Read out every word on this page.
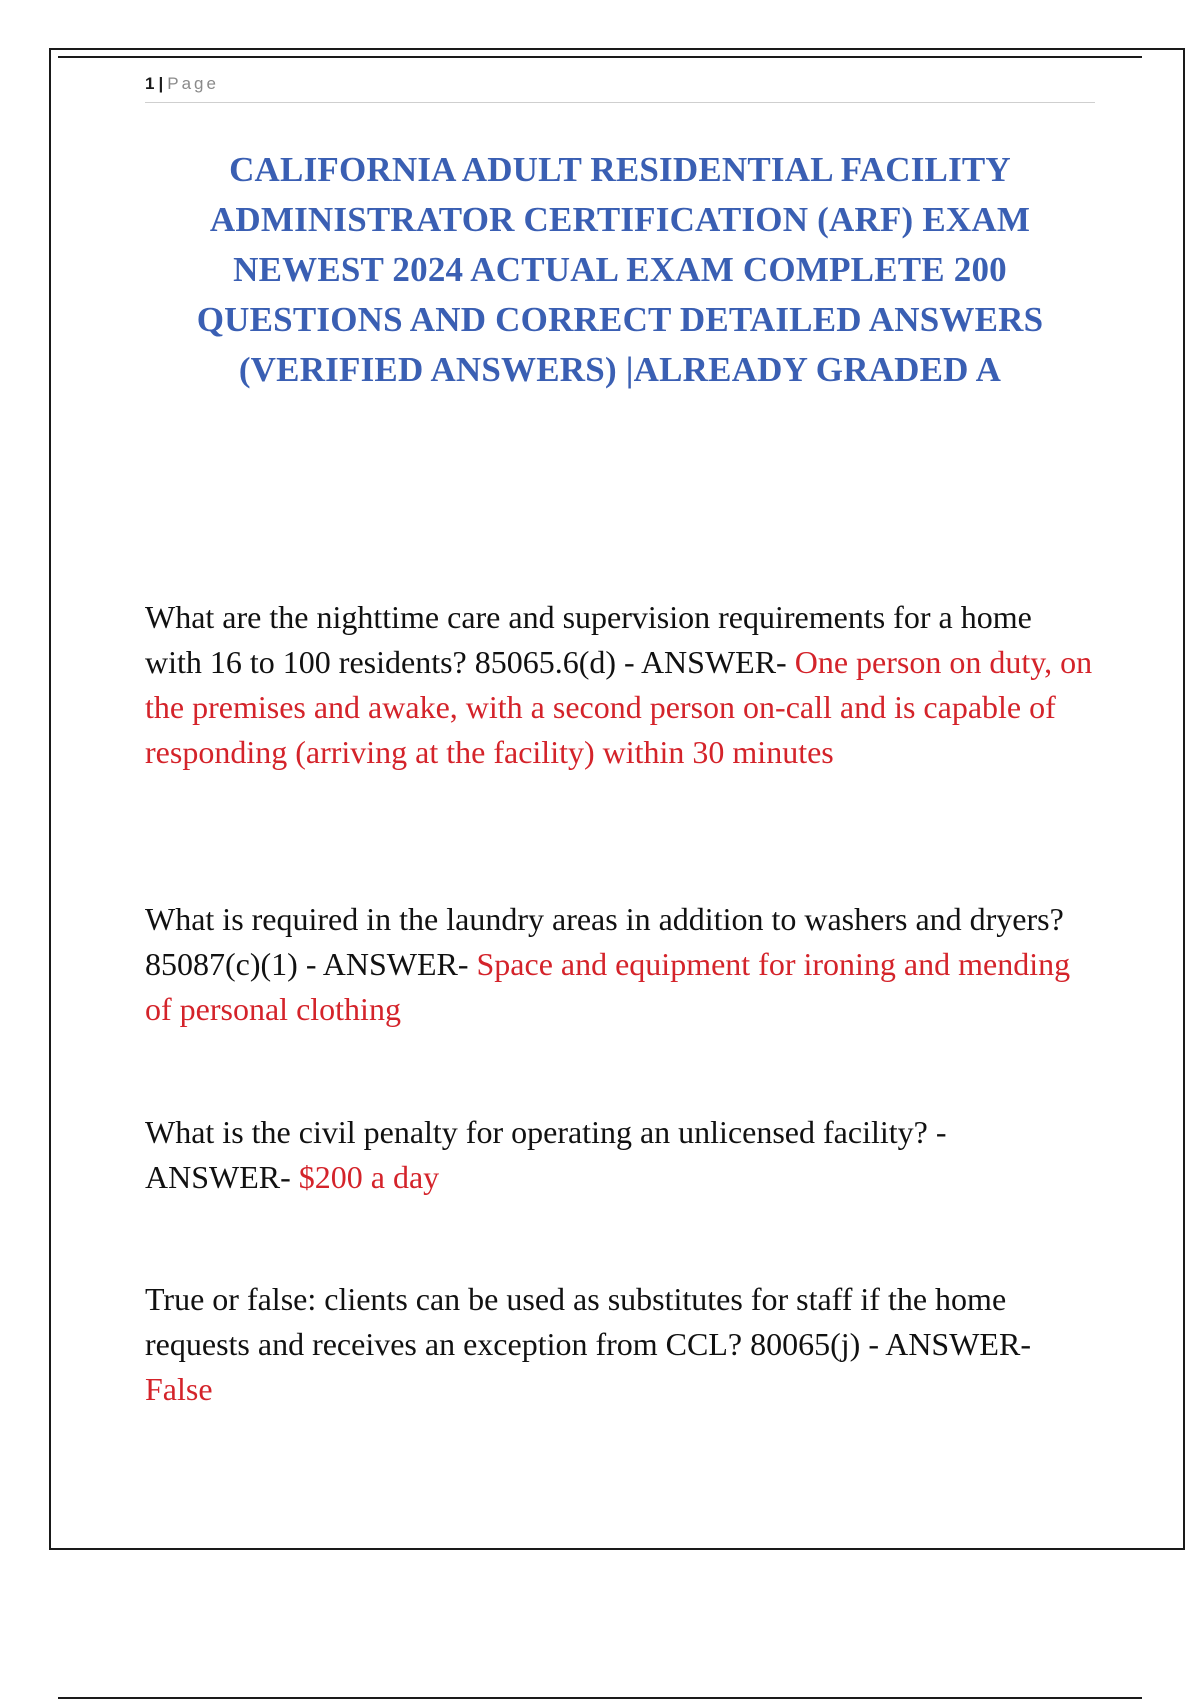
1 | Page
CALIFORNIA ADULT RESIDENTIAL FACILITY
ADMINISTRATOR CERTIFICATION (ARF) EXAM
NEWEST 2024 ACTUAL EXAM COMPLETE 200
QUESTIONS AND CORRECT DETAILED ANSWERS
(VERIFIED ANSWERS) |ALREADY GRADED A
What are the nighttime care and supervision requirements for a home with 16 to 100 residents? 85065.6(d) - ANSWER- One person on duty, on the premises and awake, with a second person on-call and is capable of responding (arriving at the facility) within 30 minutes
What is required in the laundry areas in addition to washers and dryers? 85087(c)(1) - ANSWER- Space and equipment for ironing and mending of personal clothing
What is the civil penalty for operating an unlicensed facility? - ANSWER- $200 a day
True or false: clients can be used as substitutes for staff if the home requests and receives an exception from CCL? 80065(j) - ANSWER- False
